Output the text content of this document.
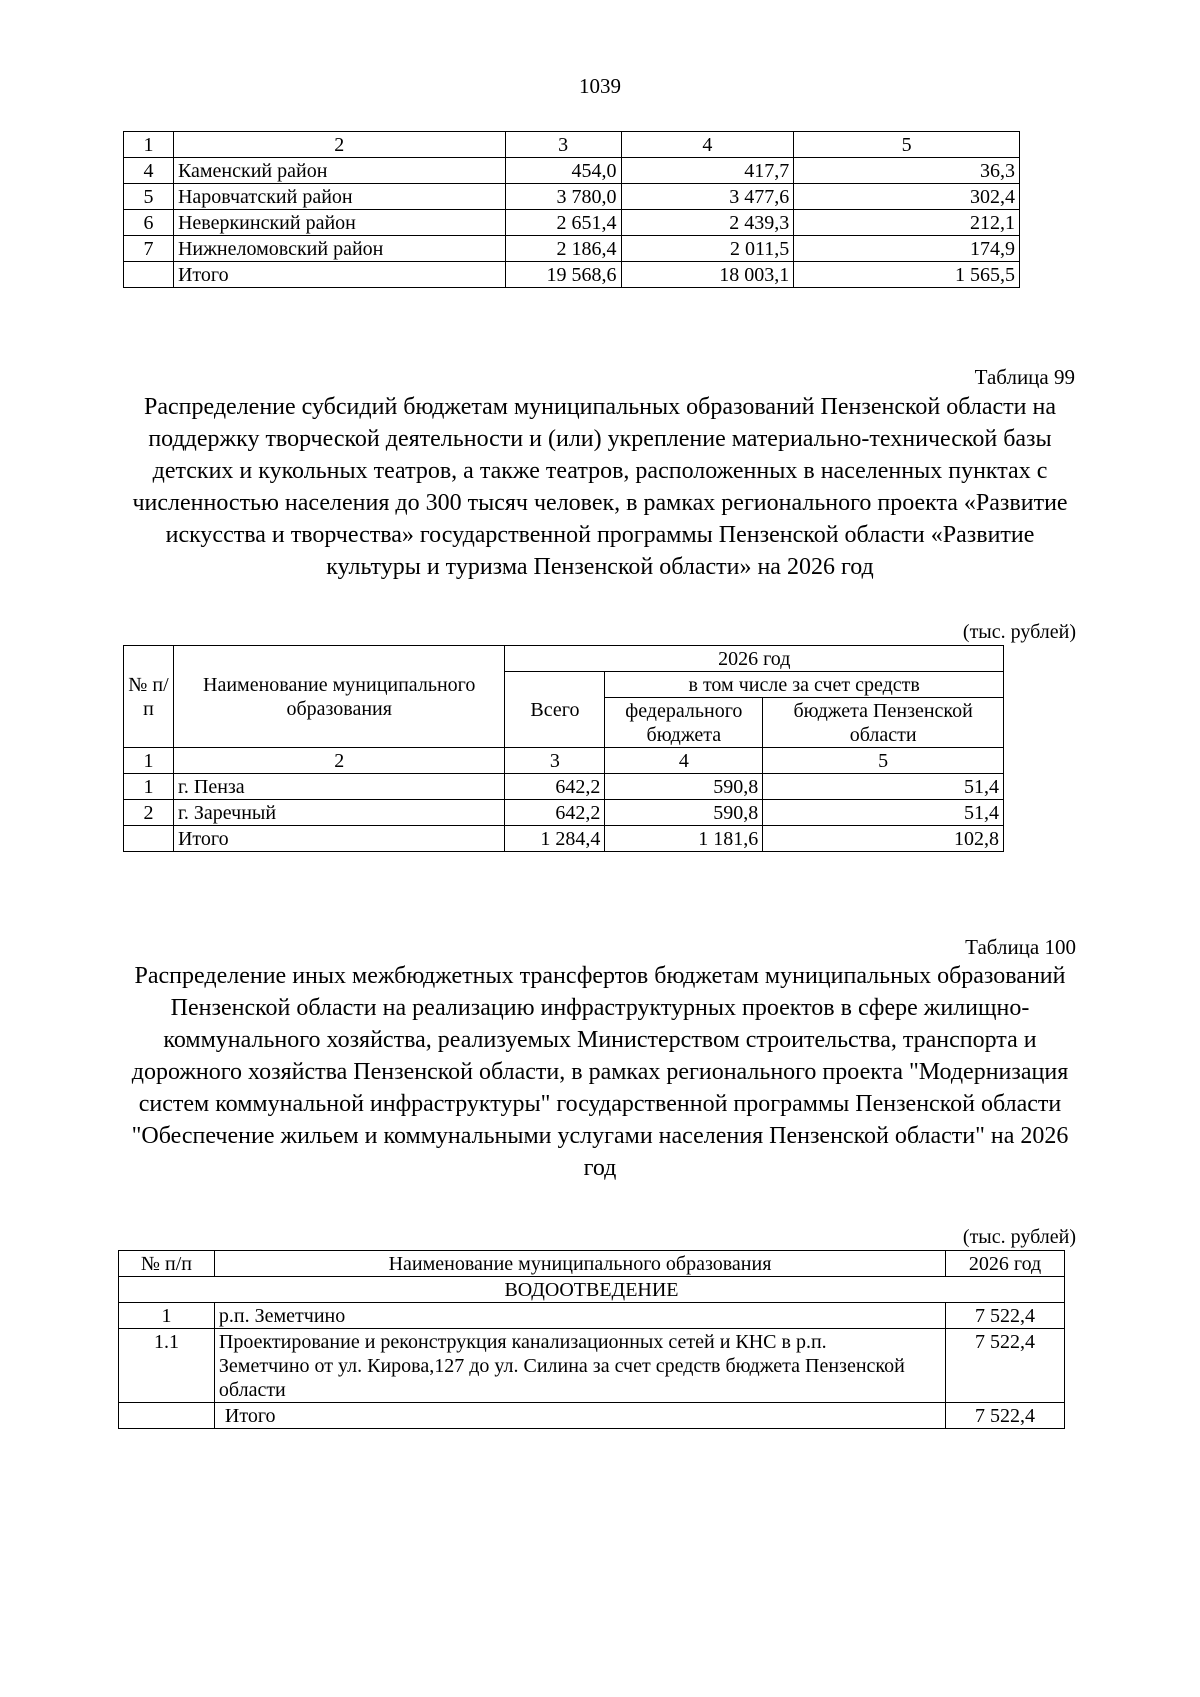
1039
1	2	3	4	5
4	Каменский район	454,0	417,7	36,3
5	Наровчатский район	3 780,0	3 477,6	302,4
6	Неверкинский район	2 651,4	2 439,3	212,1
7	Нижнеломовский район	2 186,4	2 011,5	174,9
	Итого	19 568,6	18 003,1	1 565,5
Таблица 99
Распределение субсидий бюджетам муниципальных образований Пензенской области на поддержку творческой деятельности и (или) укрепление материально-технической базы детских и кукольных театров, а также театров, расположенных в населенных пунктах с численностью населения до 300 тысяч человек, в рамках регионального проекта «Развитие искусства и творчества» государственной программы Пензенской области «Развитие культуры и туризма Пензенской области» на 2026 год
(тыс. рублей)
№ п/п	Наименование муниципального образования	2026 год		
		Всего	в том числе за счет средств	
			федерального бюджета	бюджета Пензенской области

1	2	3	4	5
1	г. Пенза	642,2	590,8	51,4
2	г. Заречный	642,2	590,8	51,4
	Итого	1 284,4	1 181,6	102,8
Таблица 100
Распределение иных межбюджетных трансфертов бюджетам муниципальных образований Пензенской области на реализацию инфраструктурных проектов в сфере жилищно-коммунального хозяйства, реализуемых Министерством строительства, транспорта и дорожного хозяйства Пензенской области, в рамках регионального проекта "Модернизация систем коммунальной инфраструктуры" государственной программы Пензенской области "Обеспечение жильем и коммунальными услугами населения Пензенской области" на 2026 год
(тыс. рублей)
№ п/п	Наименование муниципального образования	2026 год
ВОДООТВЕДЕНИЕ		
1	р.п. Земетчино	7 522,4
1.1	Проектирование и реконструкция канализационных сетей и КНС в р.п. Земетчино от ул. Кирова,127 до ул. Силина за счет средств бюджета Пензенской области	7 522,4
	Итого	7 522,4
